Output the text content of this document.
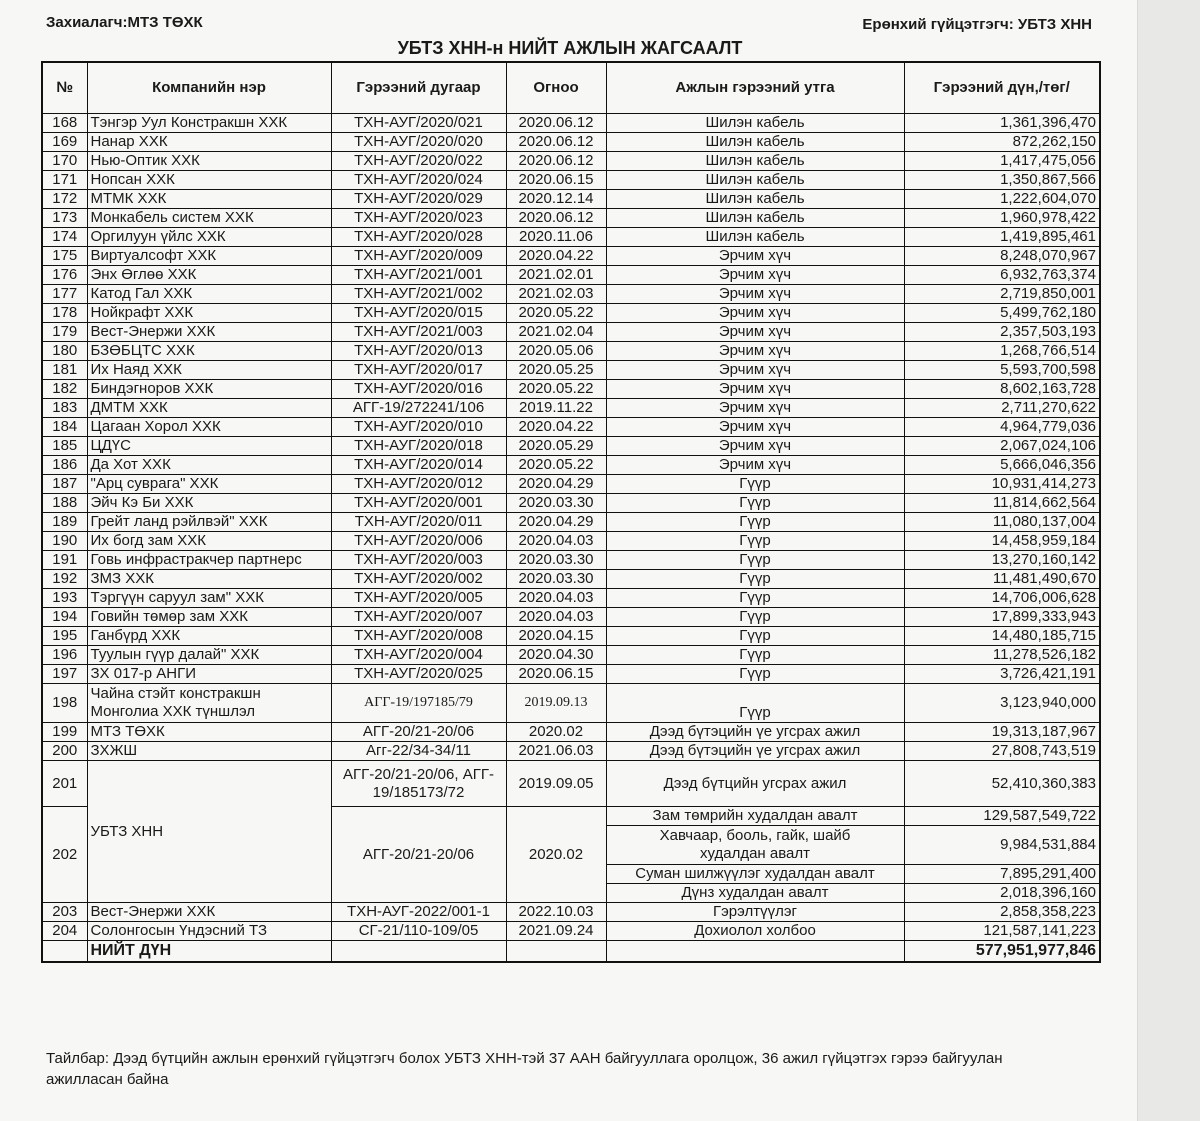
Захиалагч:МТЗ ТӨХК	Ерөнхий гүйцэтгэгч: УБТЗ ХНН
УБТЗ ХНН-н НИЙТ АЖЛЫН ЖАГСААЛТ
№	Компанийн нэр	Гэрээний дугаар	Огноо	Ажлын гэрээний утга	Гэрээний дүн,/төг/
168	Тэнгэр Уул Констракшн ХХК	ТХН-АУГ/2020/021	2020.06.12	Шилэн кабель	1,361,396,470
169	Нанар ХХК	ТХН-АУГ/2020/020	2020.06.12	Шилэн кабель	872,262,150
170	Нью-Оптик ХХК	ТХН-АУГ/2020/022	2020.06.12	Шилэн кабель	1,417,475,056
171	Нопсан ХХК	ТХН-АУГ/2020/024	2020.06.15	Шилэн кабель	1,350,867,566
172	МТМК ХХК	ТХН-АУГ/2020/029	2020.12.14	Шилэн кабель	1,222,604,070
173	Монкабель систем ХХК	ТХН-АУГ/2020/023	2020.06.12	Шилэн кабель	1,960,978,422
174	Оргилуун үйлс ХХК	ТХН-АУГ/2020/028	2020.11.06	Шилэн кабель	1,419,895,461
175	Виртуалсофт ХХК	ТХН-АУГ/2020/009	2020.04.22	Эрчим хүч	8,248,070,967
176	Энх Өглөө ХХК	ТХН-АУГ/2021/001	2021.02.01	Эрчим хүч	6,932,763,374
177	Катод Гал ХХК	ТХН-АУГ/2021/002	2021.02.03	Эрчим хүч	2,719,850,001
178	Нойкрафт ХХК	ТХН-АУГ/2020/015	2020.05.22	Эрчим хүч	5,499,762,180
179	Вест-Энержи ХХК	ТХН-АУГ/2021/003	2021.02.04	Эрчим хүч	2,357,503,193
180	БЗӨБЦТС ХХК	ТХН-АУГ/2020/013	2020.05.06	Эрчим хүч	1,268,766,514
181	Их Наяд ХХК	ТХН-АУГ/2020/017	2020.05.25	Эрчим хүч	5,593,700,598
182	Биндэгноров ХХК	ТХН-АУГ/2020/016	2020.05.22	Эрчим хүч	8,602,163,728
183	ДМТМ ХХК	АГГ-19/272241/106	2019.11.22	Эрчим хүч	2,711,270,622
184	Цагаан Хорол ХХК	ТХН-АУГ/2020/010	2020.04.22	Эрчим хүч	4,964,779,036
185	ЦДҮС	ТХН-АУГ/2020/018	2020.05.29	Эрчим хүч	2,067,024,106
186	Да Хот ХХК	ТХН-АУГ/2020/014	2020.05.22	Эрчим хүч	5,666,046,356
187	"Арц суврага" ХХК	ТХН-АУГ/2020/012	2020.04.29	Гүүр	10,931,414,273
188	Эйч Кэ Би ХХК	ТХН-АУГ/2020/001	2020.03.30	Гүүр	11,814,662,564
189	Грейт ланд рэйлвэй" ХХК	ТХН-АУГ/2020/011	2020.04.29	Гүүр	11,080,137,004
190	Их богд зам ХХК	ТХН-АУГ/2020/006	2020.04.03	Гүүр	14,458,959,184
191	Говь инфрастракчер партнерс	ТХН-АУГ/2020/003	2020.03.30	Гүүр	13,270,160,142
192	ЗМЗ ХХК	ТХН-АУГ/2020/002	2020.03.30	Гүүр	11,481,490,670
193	Тэргүүн саруул зам" ХХК	ТХН-АУГ/2020/005	2020.04.03	Гүүр	14,706,006,628
194	Говийн төмөр зам ХХК	ТХН-АУГ/2020/007	2020.04.03	Гүүр	17,899,333,943
195	Ганбүрд ХХК	ТХН-АУГ/2020/008	2020.04.15	Гүүр	14,480,185,715
196	Туулын гүүр далай" ХХК	ТХН-АУГ/2020/004	2020.04.30	Гүүр	11,278,526,182
197	ЗХ 017-р АНГИ	ТХН-АУГ/2020/025	2020.06.15	Гүүр	3,726,421,191
198	Чайна стэйт констракшн
Монголиа ХХК түншлэл	АГГ-19/197185/79	2019.09.13	Гүүр	3,123,940,000
199	МТЗ ТӨХК	АГГ-20/21-20/06	2020.02	Дээд бүтэцийн үе угсрах ажил	19,313,187,967
200	ЗХЖШ	Агг-22/34-34/11	2021.06.03	Дээд бүтэцийн үе угсрах ажил	27,808,743,519
201	УБТЗ ХНН	АГГ-20/21-20/06, АГГ-
19/185173/72	2019.09.05	Дээд бүтцийн угсрах ажил	52,410,360,383
202		АГГ-20/21-20/06	2020.02	Зам төмрийн худалдан авалт	129,587,549,722
				Хавчаар, бооль, гайк, шайб
худалдан авалт	9,984,531,884

				Суман шилжүүлэг худалдан авалт	7,895,291,400
				Дүнз худалдан авалт	2,018,396,160
203	Вест-Энержи ХХК	ТХН-АУГ-2022/001-1	2022.10.03	Гэрэлтүүлэг	2,858,358,223
204	Солонгосын Үндэсний ТЗ	СГ-21/110-109/05	2021.09.24	Дохиолол холбоо	121,587,141,223
	НИЙТ ДҮН				577,951,977,846
Тайлбар: Дээд бүтцийн ажлын ерөнхий гүйцэтгэгч болох УБТЗ ХНН-тэй 37 ААН байгууллага оролцож, 36 ажил гүйцэтгэх гэрээ байгуулан ажилласан байна
